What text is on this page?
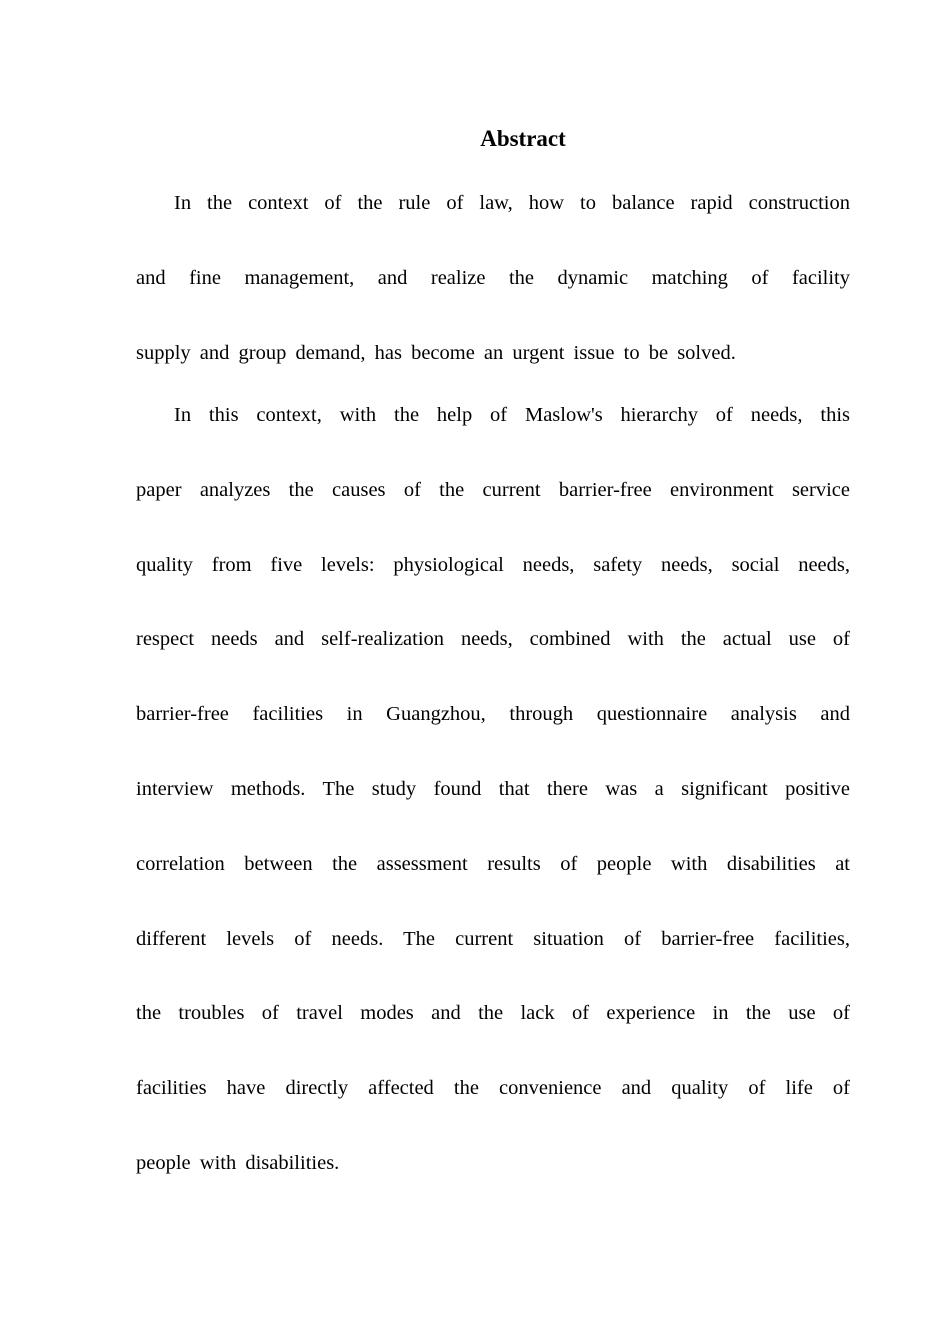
Abstract
In the context of the rule of law, how to balance rapid construction
and fine management, and realize the dynamic matching of facility
supply and group demand, has become an urgent issue to be solved.
In this context, with the help of Maslow's hierarchy of needs, this
paper analyzes the causes of the current barrier-free environment service
quality from five levels: physiological needs, safety needs, social needs,
respect needs and self-realization needs, combined with the actual use of
barrier-free facilities in Guangzhou, through questionnaire analysis and
interview methods. The study found that there was a significant positive
correlation between the assessment results of people with disabilities at
different levels of needs. The current situation of barrier-free facilities,
the troubles of travel modes and the lack of experience in the use of
facilities have directly affected the convenience and quality of life of
people with disabilities.
